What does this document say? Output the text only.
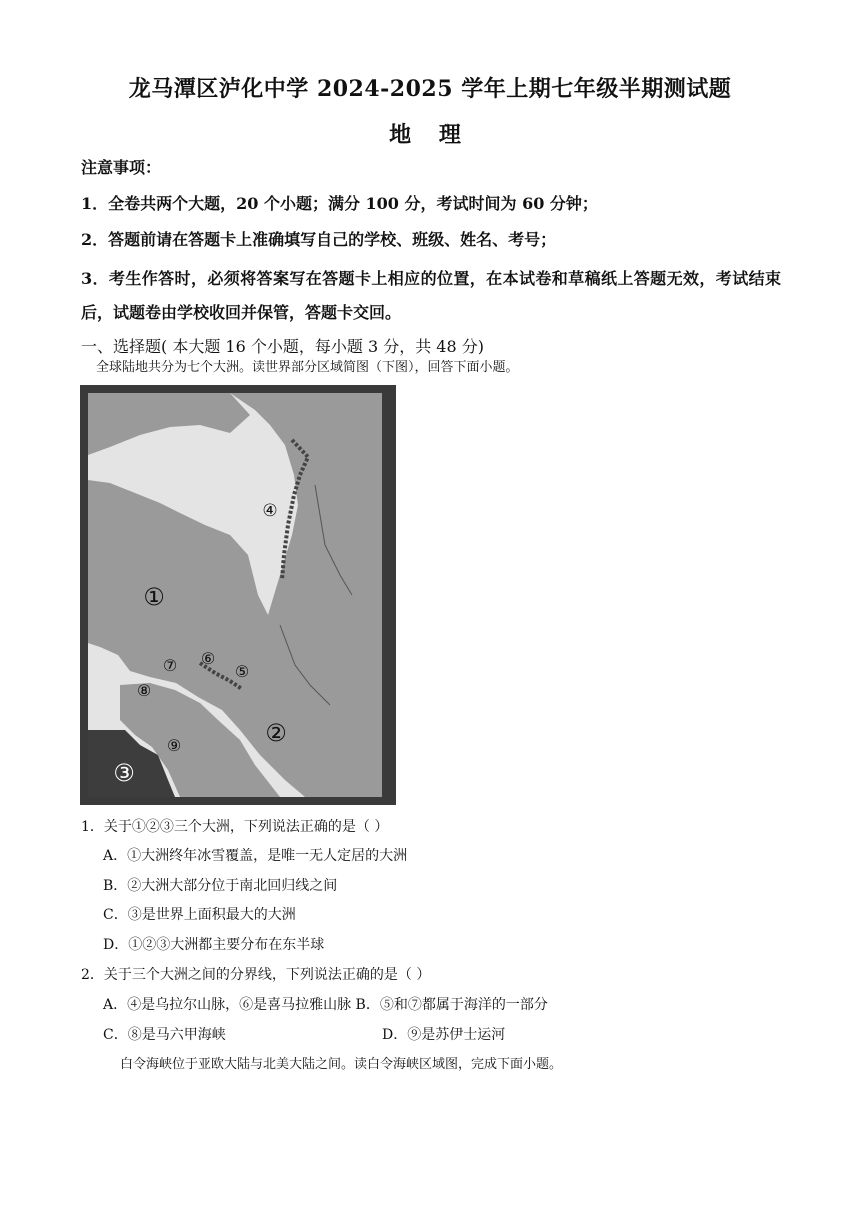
龙马潭区泸化中学 2024-2025 学年上期七年级半期测试题
地 理
注意事项：
1．全卷共两个大题，20 个小题；满分 100 分，考试时间为 60 分钟；
2．答题前请在答题卡上准确填写自己的学校、班级、姓名、考号；
3．考生作答时，必须将答案写在答题卡上相应的位置，在本试卷和草稿纸上答题无效，考试结束后，试题卷由学校收回并保管，答题卡交回。
一、选择题( 本大题 16 个小题，每小题 3 分，共 48 分)
全球陆地共分为七个大洲。读世界部分区域简图（下图），回答下面小题。
①
②
③
④
⑤
⑥
⑦
⑧
⑨
1．关于①②③三个大洲，下列说法正确的是（ ）
A．①大洲终年冰雪覆盖，是唯一无人定居的大洲
B．②大洲大部分位于南北回归线之间
C．③是世界上面积最大的大洲
D．①②③大洲都主要分布在东半球
2．关于三个大洲之间的分界线，下列说法正确的是（ ）
A．④是乌拉尔山脉，⑥是喜马拉雅山脉 B．⑤和⑦都属于海洋的一部分
C．⑧是马六甲海峡	D．⑨是苏伊士运河
白令海峡位于亚欧大陆与北美大陆之间。读白令海峡区域图，完成下面小题。
